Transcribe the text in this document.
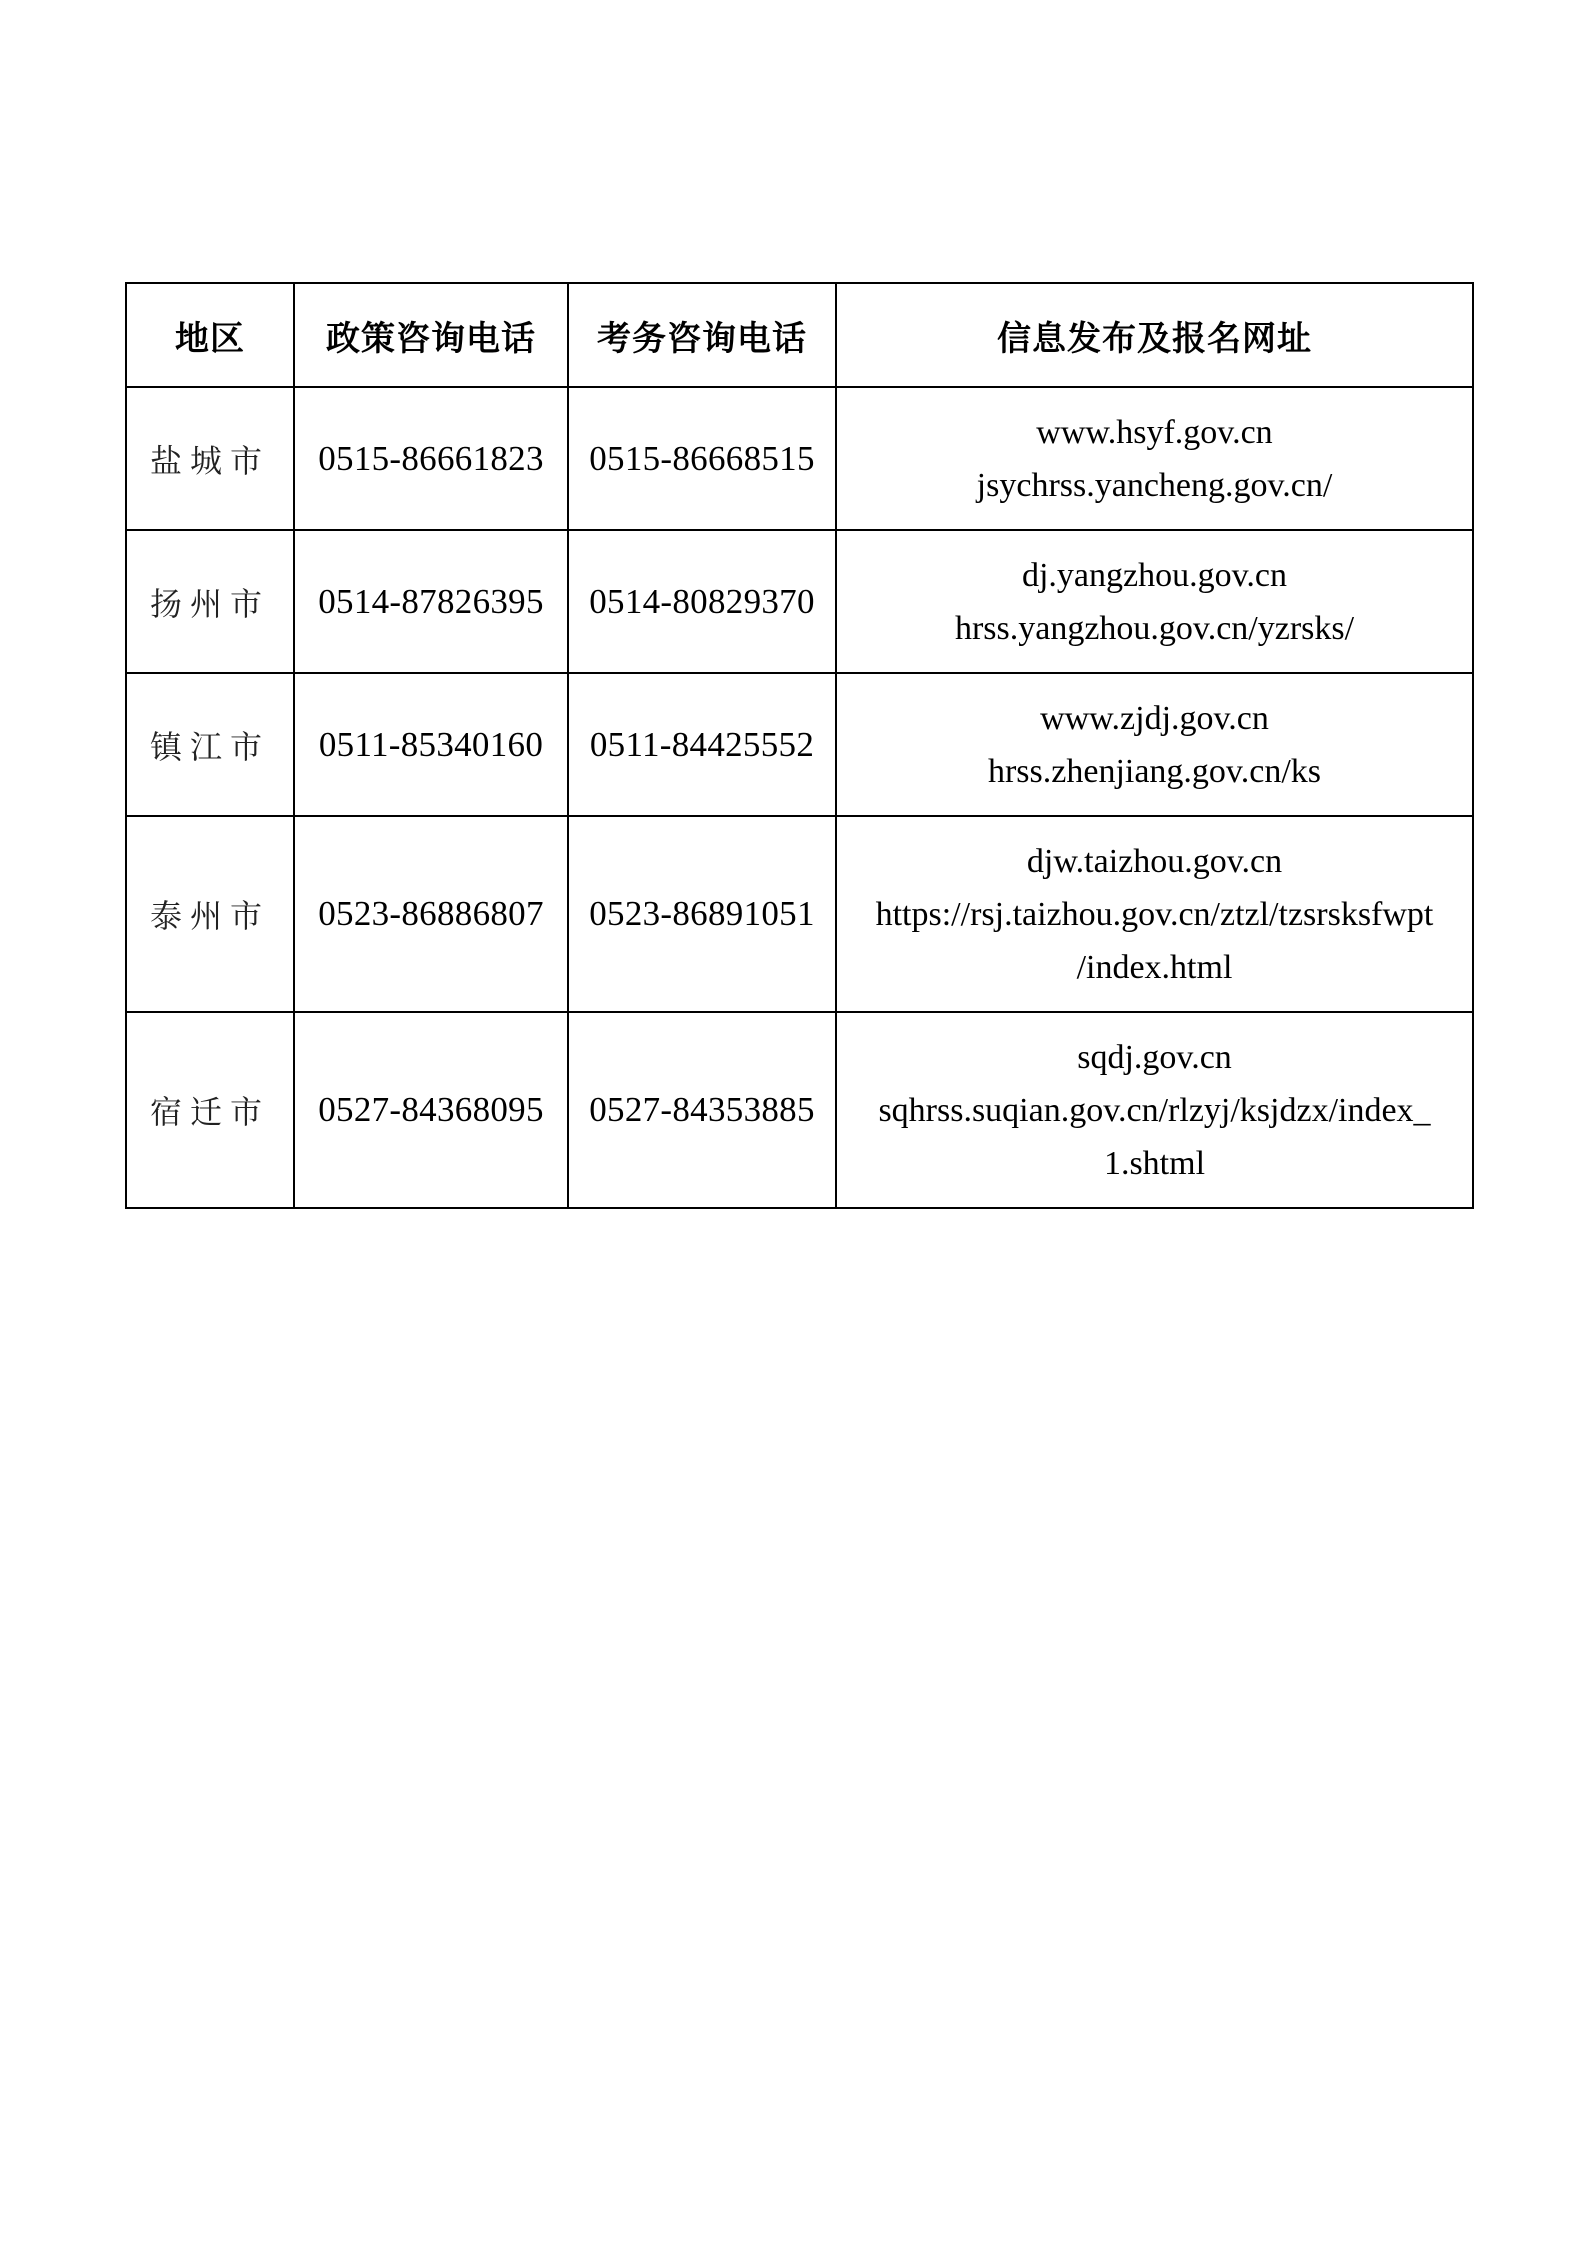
地区	政策咨询电话	考务咨询电话	信息发布及报名网址
盐城市	0515-86661823	0515-86668515	www.hsyf.gov.cn
jsychrss.yancheng.gov.cn/

扬州市	0514-87826395	0514-80829370	dj.yangzhou.gov.cn
hrss.yangzhou.gov.cn/yzrsks/

镇江市	0511-85340160	0511-84425552	www.zjdj.gov.cn
hrss.zhenjiang.gov.cn/ks

泰州市	0523-86886807	0523-86891051	djw.taizhou.gov.cn
https://rsj.taizhou.gov.cn/ztzl/tzsrsksfwpt
/index.html

宿迁市	0527-84368095	0527-84353885	sqdj.gov.cn
sqhrss.suqian.gov.cn/rlzyj/ksjdzx/index_
1.shtml
